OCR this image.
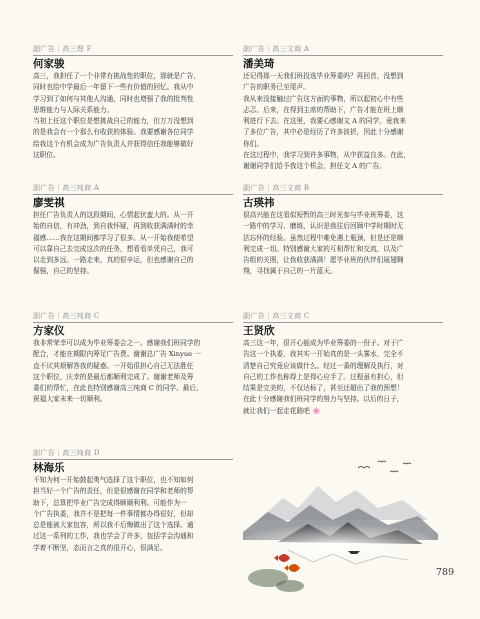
副广告｜高三理 F
何家骏

高三，我担任了一个非常有挑战性的职位，那就是广告，

同时也给中学最后一年留下一些有价值的回忆。我从中

学习到了如何与其他人沟通，同时也增强了我的批判性

思维能力与人际关系能力。

当初上任这个职位是想挑战自己的能力，但万万没想到

的是我会有一个那么有收获的体验。我要感谢各位同学

给我这个有机会成为广告负责人并获得信任我能够做好

这职位。

副广告｜高三纯商 A
廖雯祺

担任广告负责人的这段期间，心情起伏蛮大的。从一开

始的自信，有冲劲，到自我怀疑，再到收获满满时的幸

福感……我在这期间都学习了很多。从一开始我便希望

可以靠自己去完成这次的任务，想看看单凭自己，我可

以走到多远。一路走来，真的很辛运，但也感谢自己的

倔强，自己的坚持。

副广告｜高三纯商 C
方家仪

我非常荣幸可以成为毕业筹委会之一。感谢我们班同学的

配合，才能在期限内筹足广告费。谢谢总广告 Xinyue 一

直不厌其烦解答我的疑惑。一开始很担心自己无法胜任

这个职位，庆幸的是最后都顺利完成了。谢谢老师及筹

委们的帮忙，在此也特别感谢高三纯商 C 的同学。最后，

祝福大家未来一切顺利。

副广告｜高三纯商 D
林海乐

不知为何一开始鼓起勇气选择了这个职位，也不知如何

担当好一个广告的责任，但是很感谢在同学和老师的帮

助下，总算把毕业广告完成得顺顺利利。可能作为一

个广告执委，我并不是把每一件事情都办得很好，但却

总是能被大家包容，所以我不后悔做出了这个选择。通

过这一系列的工作，我也学会了许多，包括学会沟通和

学着不断坚，态而言之真的很开心，很满足。

副广告｜高三文商 A
潘美琦

还记得那一天我们班投选毕业筹委吗？再回首，没想到

广告的职务已至尾声。

我从来没接触过广告这方面的事物，所以起初心中有些

忐忑。后来，在得到主席的帮助下，广告才能在班上顺

利进行下去。在这里，我要心感谢文 A 的同学，竟我来

了多位广告，其中必是经历了许多波折，因此十分感谢

你们。

在这过程中，我学习到许多事物，从中获益良多。在此，

谢谢同学们给予我这个机会，担任文 A 的广告。

副广告｜高三文商 B
古瑛祎

很高兴能在这看似短暂的高三时光参与毕业班筹委，这

一路中的学习、磨练，认识是我往后回顾中学时期时无

法忘怀的经验。虽然过程中难免遇上瓶颈，但是还是顺

利完成一切。特别感谢大家的互相帮忙和交流，以及广

告组的关照，让我收获满满！愿毕业班的伙伴们展翅翱

翔，寻找属于自己的一片蓝天。

副广告｜高三文商 C
王贤欣

高三这一年，很开心能成为毕业筹委的一份子。对于广

告这一个执委，我其实一开始真的是一头雾水，完全不

清楚自己究竟应该做什么。经过一番的理解及执行，对

自己的工作也称得上是得心应手了。过程虽有担心，但

结果是完美的，不仅达标了，甚至还超出了我的预想！

在此十分感谢我们班同学的努力与坚持。以后的日子，

就让我们一起走花路吧 🌸

789
